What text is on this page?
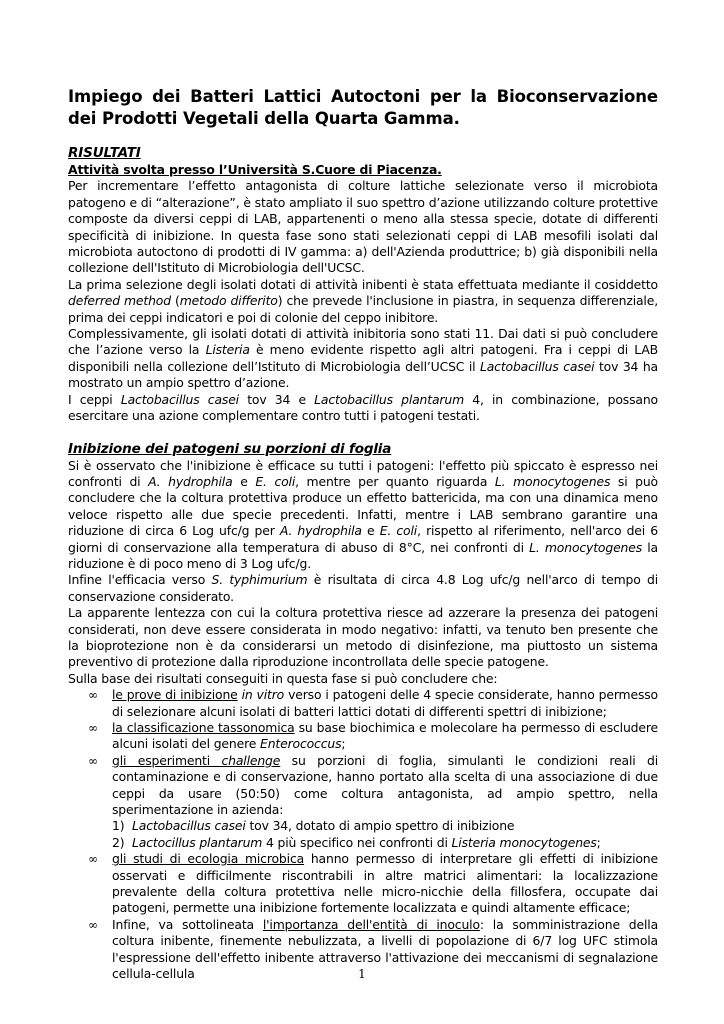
Impiego dei Batteri Lattici Autoctoni per la Bioconservazione dei Prodotti Vegetali della Quarta Gamma.

RISULTATI

Attività svolta presso l’Università S.Cuore di Piacenza.

Per incrementare l’effetto antagonista di colture lattiche selezionate verso il microbiota patogeno e di “alterazione”, è stato ampliato il suo spettro d’azione utilizzando colture protettive composte da diversi ceppi di LAB, appartenenti o meno alla stessa specie, dotate di differenti specificità di inibizione. In questa fase sono stati selezionati ceppi di LAB mesofili isolati dal microbiota autoctono di prodotti di IV gamma: a) dell'Azienda produttrice; b) già disponibili nella collezione dell'Istituto di Microbiologia dell'UCSC.

La prima selezione degli isolati dotati di attività inibenti è stata effettuata mediante il cosiddetto deferred method (metodo differito) che prevede l'inclusione in piastra, in sequenza differenziale, prima dei ceppi indicatori e poi di colonie del ceppo inibitore.

Complessivamente, gli isolati dotati di attività inibitoria sono stati 11. Dai dati si può concludere che l’azione verso la Listeria è meno evidente rispetto agli altri patogeni. Fra i ceppi di LAB disponibili nella collezione dell’Istituto di Microbiologia dell’UCSC il Lactobacillus casei tov 34 ha mostrato un ampio spettro d’azione.

I ceppi Lactobacillus casei tov 34 e Lactobacillus plantarum 4, in combinazione, possano esercitare una azione complementare contro tutti i patogeni testati.

Inibizione dei patogeni su porzioni di foglia

Si è osservato che l'inibizione è efficace su tutti i patogeni: l'effetto più spiccato è espresso nei confronti di A. hydrophila e E. coli, mentre per quanto riguarda L. monocytogenes si può concludere che la coltura protettiva produce un effetto battericida, ma con una dinamica meno veloce rispetto alle due specie precedenti. Infatti, mentre i LAB sembrano garantire una riduzione di circa 6 Log ufc/g per A. hydrophila e E. coli, rispetto al riferimento, nell'arco dei 6 giorni di conservazione alla temperatura di abuso di 8°C, nei confronti di L. monocytogenes la riduzione è di poco meno di 3 Log ufc/g.

Infine l'efficacia verso S. typhimurium è risultata di circa 4.8 Log ufc/g nell'arco di tempo di conservazione considerato.

La apparente lentezza con cui la coltura protettiva riesce ad azzerare la presenza dei patogeni considerati, non deve essere considerata in modo negativo: infatti, va tenuto ben presente che la bioprotezione non è da considerarsi un metodo di disinfezione, ma piuttosto un sistema preventivo di protezione dalla riproduzione incontrollata delle specie patogene.

Sulla base dei risultati conseguiti in questa fase si può concludere che:

∞ le prove di inibizione in vitro verso i patogeni delle 4 specie considerate, hanno permesso di selezionare alcuni isolati di batteri lattici dotati di differenti spettri di inibizione;
∞ la classificazione tassonomica su base biochimica e molecolare ha permesso di escludere alcuni isolati del genere Enterococcus;
∞ gli esperimenti challenge su porzioni di foglia, simulanti le condizioni reali di contaminazione e di conservazione, hanno portato alla scelta di una associazione di due ceppi da usare (50:50) come coltura antagonista, ad ampio spettro, nella sperimentazione in azienda:
1) Lactobacillus casei tov 34, dotato di ampio spettro di inibizione
2) Lactocillus plantarum 4 più specifico nei confronti di Listeria monocytogenes;
∞ gli studi di ecologia microbica hanno permesso di interpretare gli effetti di inibizione osservati e difficilmente riscontrabili in altre matrici alimentari: la localizzazione prevalente della coltura protettiva nelle micro-nicchie della fillosfera, occupate dai patogeni, permette una inibizione fortemente localizzata e quindi altamente efficace;
∞ Infine, va sottolineata l'importanza dell'entità di inoculo: la somministrazione della coltura inibente, finemente nebulizzata, a livelli di popolazione di 6/7 log UFC stimola l'espressione dell'effetto inibente attraverso l'attivazione dei meccanismi di segnalazione cellula-cellula	1
